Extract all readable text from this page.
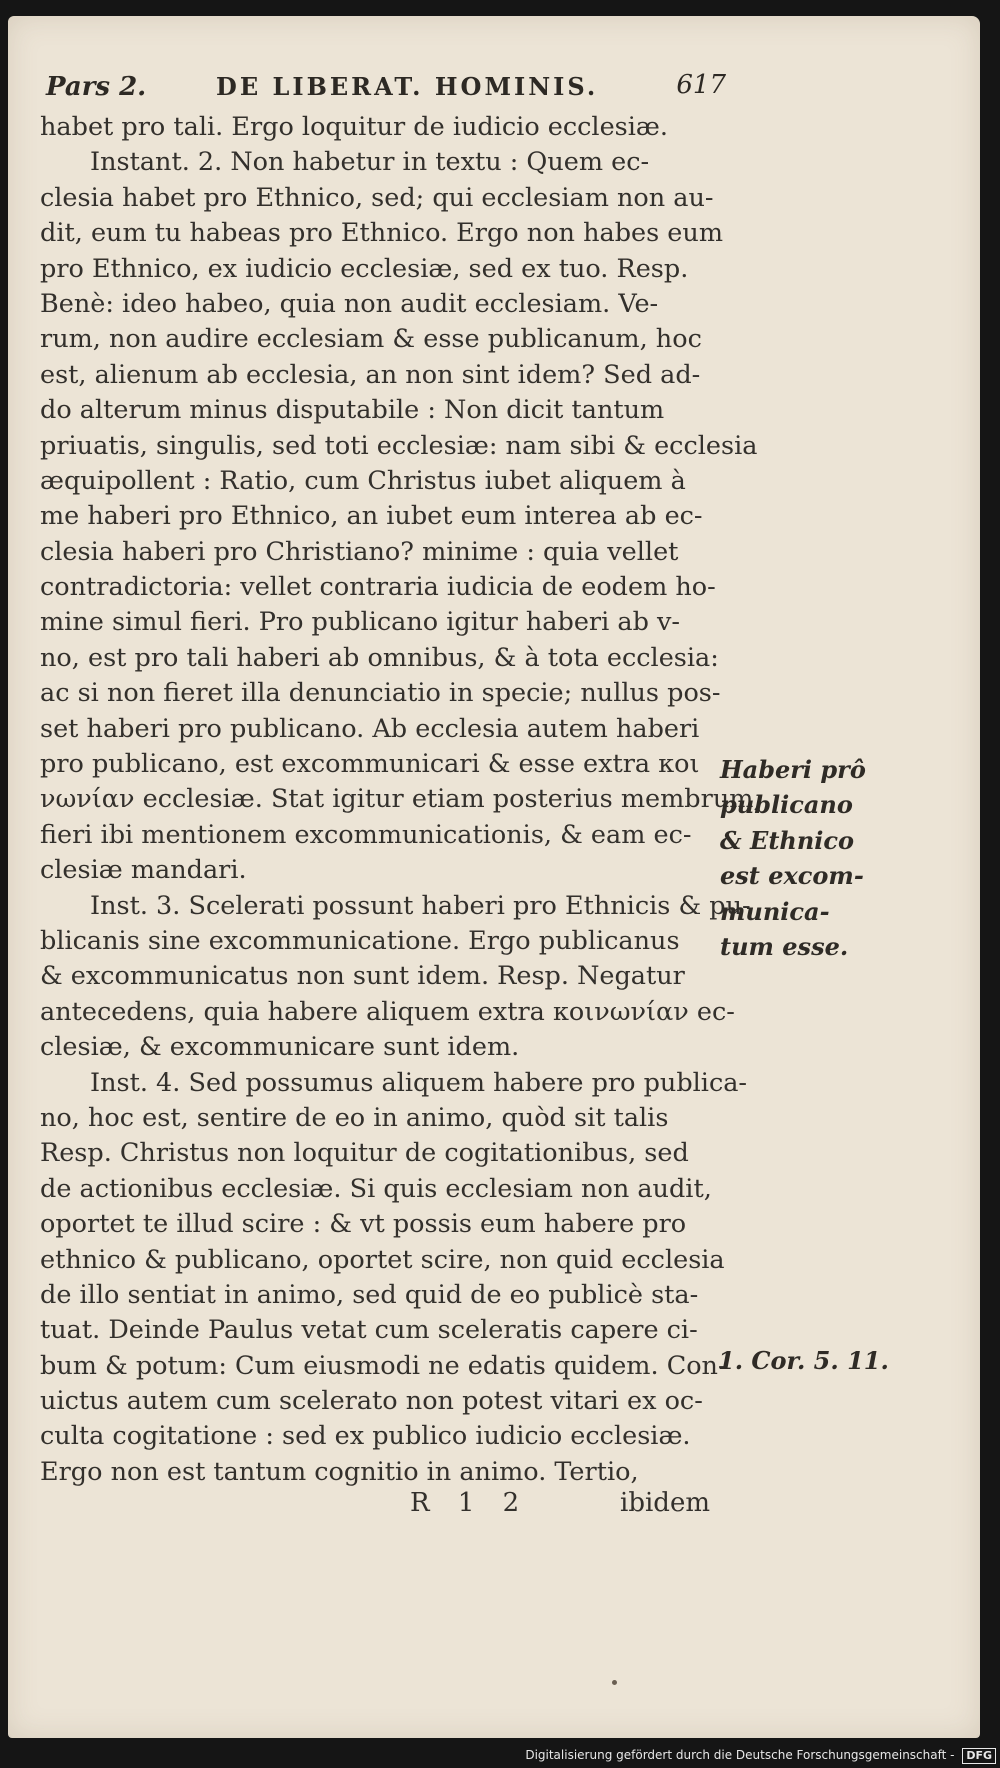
Pars 2.	DE LIBERAT. HOMINIS.	617
habet pro tali. Ergo loquitur de iudicio ecclesiæ.
Instant. 2. Non habetur in textu : Quem ec-
clesia habet pro Ethnico, sed; qui ecclesiam non au-
dit, eum tu habeas pro Ethnico. Ergo non habes eum
pro Ethnico, ex iudicio ecclesiæ, sed ex tuo. Resp.
Benè: ideo habeo, quia non audit ecclesiam. Ve-
rum, non audire ecclesiam & esse publicanum, hoc
est, alienum ab ecclesia, an non sint idem? Sed ad-
do alterum minus disputabile : Non dicit tantum
priuatis, singulis, sed toti ecclesiæ: nam sibi & ecclesia
æquipollent : Ratio, cum Christus iubet aliquem à
me haberi pro Ethnico, an iubet eum interea ab ec-
clesia haberi pro Christiano? minime : quia vellet
contradictoria: vellet contraria iudicia de eodem ho-
mine simul fieri. Pro publicano igitur haberi ab v-
no, est pro tali haberi ab omnibus, & à tota ecclesia:
ac si non fieret illa denunciatio in specie; nullus pos-
set haberi pro publicano. Ab ecclesia autem haberi
pro publicano, est excommunicari & esse extra κοι
νωνίαν ecclesiæ. Stat igitur etiam posterius membrum,
fieri ibi mentionem excommunicationis, & eam ec-
clesiæ mandari.
Inst. 3. Scelerati possunt haberi pro Ethnicis & pu-
blicanis sine excommunicatione. Ergo publicanus
& excommunicatus non sunt idem. Resp. Negatur
antecedens, quia habere aliquem extra κοινωνίαν ec-
clesiæ, & excommunicare sunt idem.
Inst. 4. Sed possumus aliquem habere pro publica-
no, hoc est, sentire de eo in animo, quòd sit talis
Resp. Christus non loquitur de cogitationibus, sed
de actionibus ecclesiæ. Si quis ecclesiam non audit,
oportet te illud scire : & vt possis eum habere pro
ethnico & publicano, oportet scire, non quid ecclesia
de illo sentiat in animo, sed quid de eo publicè sta-
tuat. Deinde Paulus vetat cum sceleratis capere ci-
bum & potum: Cum eiusmodi ne edatis quidem. Con-
uictus autem cum scelerato non potest vitari ex oc-
culta cogitatione : sed ex publico iudicio ecclesiæ.
Ergo non est tantum cognitio in animo. Tertio,
Haberi prô
publicano
& Ethnico
est excom-
munica-
tum esse.
1. Cor. 5. 11.
R 1 2	ibidem
Digitalisierung gefördert durch die Deutsche Forschungsgemeinschaft - DFG
